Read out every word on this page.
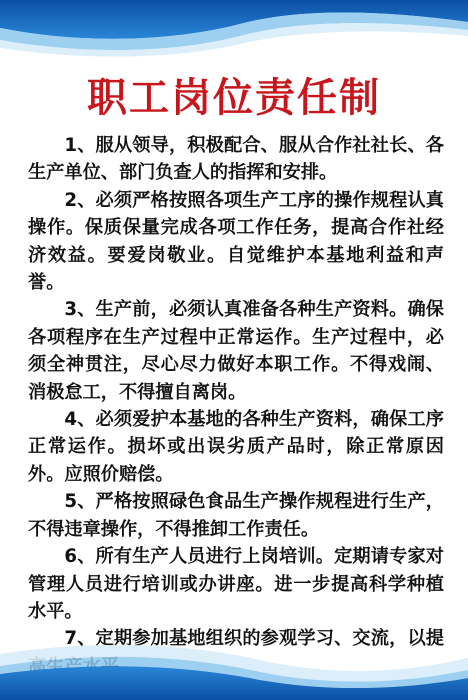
职工岗位责任制

1、服从领导，积极配合、服从合作社社长、各生产单位、部门负查人的指挥和安排。

2、必须严格按照各项生产工序的操作规程认真操作。保质保量完成各项工作任务，提高合作社经济效益。要爱岗敬业。自觉维护本基地利益和声誉。

3、生产前，必须认真准备各种生产资料。确保各项程序在生产过程中正常运作。生产过程中，必须全神贯注，尽心尽力做好本职工作。不得戏闹、消极怠工，不得擅自离岗。

4、必须爱护本基地的各种生产资料，确保工序正常运作。损坏或出误劣质产品时，除正常原因外。应照价赔偿。

5、严格按照碌色食品生产操作规程进行生产，不得违章操作，不得推卸工作责任。

6、所有生产人员进行上岗培训。定期请专家对管理人员进行培训或办讲座。进一步提高科学种植水平。

7、定期参加基地组织的参观学习、交流，以提
